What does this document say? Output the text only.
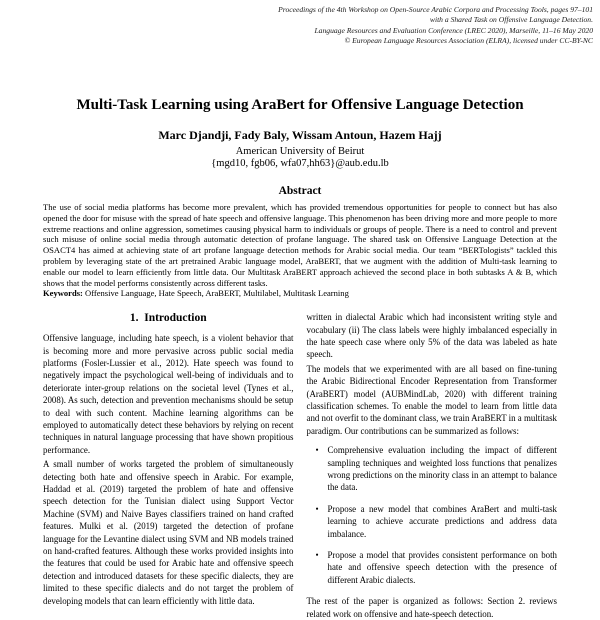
Proceedings of the 4th Workshop on Open-Source Arabic Corpora and Processing Tools, pages 97–101
with a Shared Task on Offensive Language Detection.
Language Resources and Evaluation Conference (LREC 2020), Marseille, 11–16 May 2020
© European Language Resources Association (ELRA), licensed under CC-BY-NC
Multi-Task Learning using AraBert for Offensive Language Detection
Marc Djandji, Fady Baly, Wissam Antoun, Hazem Hajj
American University of Beirut
{mgd10, fgb06, wfa07,hh63}@aub.edu.lb
Abstract
The use of social media platforms has become more prevalent, which has provided tremendous opportunities for people to connect but has also opened the door for misuse with the spread of hate speech and offensive language. This phenomenon has been driving more and more people to more extreme reactions and online aggression, sometimes causing physical harm to individuals or groups of people. There is a need to control and prevent such misuse of online social media through automatic detection of profane language. The shared task on Offensive Language Detection at the OSACT4 has aimed at achieving state of art profane language detection methods for Arabic social media. Our team “BERTologists” tackled this problem by leveraging state of the art pretrained Arabic language model, AraBERT, that we augment with the addition of Multi-task learning to enable our model to learn efficiently from little data. Our Multitask AraBERT approach achieved the second place in both subtasks A & B, which shows that the model performs consistently across different tasks.
Keywords: Offensive Language, Hate Speech, AraBERT, Multilabel, Multitask Learning
1.  Introduction

Offensive language, including hate speech, is a violent behavior that is becoming more and more pervasive across public social media platforms (Fosler-Lussier et al., 2012). Hate speech was found to negatively impact the psychological well-being of individuals and to deteriorate inter-group relations on the societal level (Tynes et al., 2008). As such, detection and prevention mechanisms should be setup to deal with such content. Machine learning algorithms can be employed to automatically detect these behaviors by relying on recent techniques in natural language processing that have shown propitious performance.

A small number of works targeted the problem of simultaneously detecting both hate and offensive speech in Arabic. For example, Haddad et al. (2019) targeted the problem of hate and offensive speech detection for the Tunisian dialect using Support Vector Machine (SVM) and Naive Bayes classifiers trained on hand crafted features. Mulki et al. (2019) targeted the detection of profane language for the Levantine dialect using SVM and NB models trained on hand-crafted features. Although these works provided insights into the features that could be used for Arabic hate and offensive speech detection and introduced datasets for these specific dialects, they are limited to these specific dialects and do not target the problem of developing models that can learn efficiently with little data.

written in dialectal Arabic which had inconsistent writing style and vocabulary (ii) The class labels were highly imbalanced especially in the hate speech case where only 5% of the data was labeled as hate speech.

The models that we experimented with are all based on fine-tuning the Arabic Bidirectional Encoder Representation from Transformer (AraBERT) model (AUBMindLab, 2020) with different training classification schemes. To enable the model to learn from little data and not overfit to the dominant class, we train AraBERT in a multitask paradigm. Our contributions can be summarized as follows:

•
Comprehensive evaluation including the impact of different sampling techniques and weighted loss functions that penalizes wrong predictions on the minority class in an attempt to balance the data.
•
Propose a new model that combines AraBert and multi-task learning to achieve accurate predictions and address data imbalance.
•
Propose a model that provides consistent performance on both hate and offensive speech detection with the presence of different Arabic dialects.

The rest of the paper is organized as follows: Section 2. reviews related work on offensive and hate-speech detection.
